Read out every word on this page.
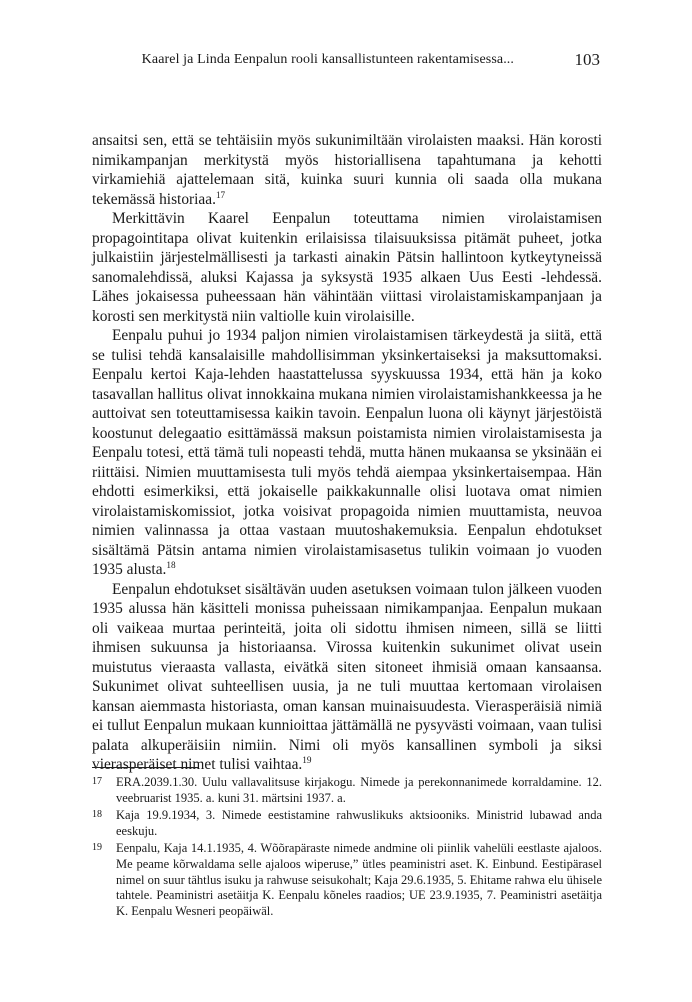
Kaarel ja Linda Eenpalun rooli kansallistunteen rakentamisessa...	103

ansaitsi sen, että se tehtäisiin myös sukunimiltään virolaisten maaksi. Hän korosti nimikampanjan merkitystä myös historiallisena tapahtumana ja kehotti virkamiehiä ajattelemaan sitä, kuinka suuri kunnia oli saada olla mukana tekemässä historiaa.$^{17}$

Merkittävin Kaarel Eenpalun toteuttama nimien virolaistamisen propagointitapa olivat kuitenkin erilaisissa tilaisuuksissa pitämät puheet, jotka julkaistiin järjestelmällisesti ja tarkasti ainakin Pätsin hallintoon kytkeytyneissä sanomalehdissä, aluksi Kajassa ja syksystä 1935 alkaen Uus Eesti -lehdessä. Lähes jokaisessa puheessaan hän vähintään viittasi virolaistamiskampanjaan ja korosti sen merkitystä niin valtiolle kuin virolaisille.

Eenpalu puhui jo 1934 paljon nimien virolaistamisen tärkeydestä ja siitä, että se tulisi tehdä kansalaisille mahdollisimman yksinkertaiseksi ja maksuttomaksi. Eenpalu kertoi Kaja-lehden haastattelussa syyskuussa 1934, että hän ja koko tasavallan hallitus olivat innokkaina mukana nimien virolaistamishankkeessa ja he auttoivat sen toteuttamisessa kaikin tavoin. Eenpalun luona oli käynyt järjestöistä koostunut delegaatio esittämässä maksun poistamista nimien virolaistamisesta ja Eenpalu totesi, että tämä tuli nopeasti tehdä, mutta hänen mukaansa se yksinään ei riittäisi. Nimien muuttamisesta tuli myös tehdä aiempaa yksinkertaisempaa. Hän ehdotti esimerkiksi, että jokaiselle paikkakunnalle olisi luotava omat nimien virolaistamiskomissiot, jotka voisivat propagoida nimien muuttamista, neuvoa nimien valinnassa ja ottaa vastaan muutoshakemuksia. Eenpalun ehdotukset sisältämä Pätsin antama nimien virolaistamisasetus tulikin voimaan jo vuoden 1935 alusta.$^{18}$

Eenpalun ehdotukset sisältävän uuden asetuksen voimaan tulon jälkeen vuoden 1935 alussa hän käsitteli monissa puheissaan nimikampanjaa. Eenpalun mukaan oli vaikeaa murtaa perinteitä, joita oli sidottu ihmisen nimeen, sillä se liitti ihmisen sukuunsa ja historiaansa. Virossa kuitenkin sukunimet olivat usein muistutus vieraasta vallasta, eivätkä siten sitoneet ihmisiä omaan kansaansa. Sukunimet olivat suhteellisen uusia, ja ne tuli muuttaa kertomaan virolaisen kansan aiemmasta historiasta, oman kansan muinaisuudesta. Vierasperäisiä nimiä ei tullut Eenpalun mukaan kunnioittaa jättämällä ne pysyvästi voimaan, vaan tulisi palata alkuperäisiin nimiin. Nimi oli myös kansallinen symboli ja siksi vierasperäiset nimet tulisi vaihtaa.$^{19}$

17	ERA.2039.1.30. Uulu vallavalitsuse kirjakogu. Nimede ja perekonnanimede korraldamine. 12. veebruarist 1935. a. kuni 31. märtsini 1937. a.
18	Kaja 19.9.1934, 3. Nimede eestistamine rahwuslikuks aktsiooniks. Ministrid lubawad anda eeskuju.
19	Eenpalu, Kaja 14.1.1935, 4. Wõõrapäraste nimede andmine oli piinlik vahelüli eestlaste ajaloos. Me peame kõrwaldama selle ajaloos wiperuse,” ütles peaministri aset. K. Einbund. Eestipärasel nimel on suur tähtlus isuku ja rahwuse seisukohalt; Kaja 29.6.1935, 5. Ehitame rahwa elu ühisele tahtele. Peaministri asetäitja K. Eenpalu kõneles raadios; UE 23.9.1935, 7. Peaministri asetäitja K. Eenpalu Wesneri peopäiwäl.
